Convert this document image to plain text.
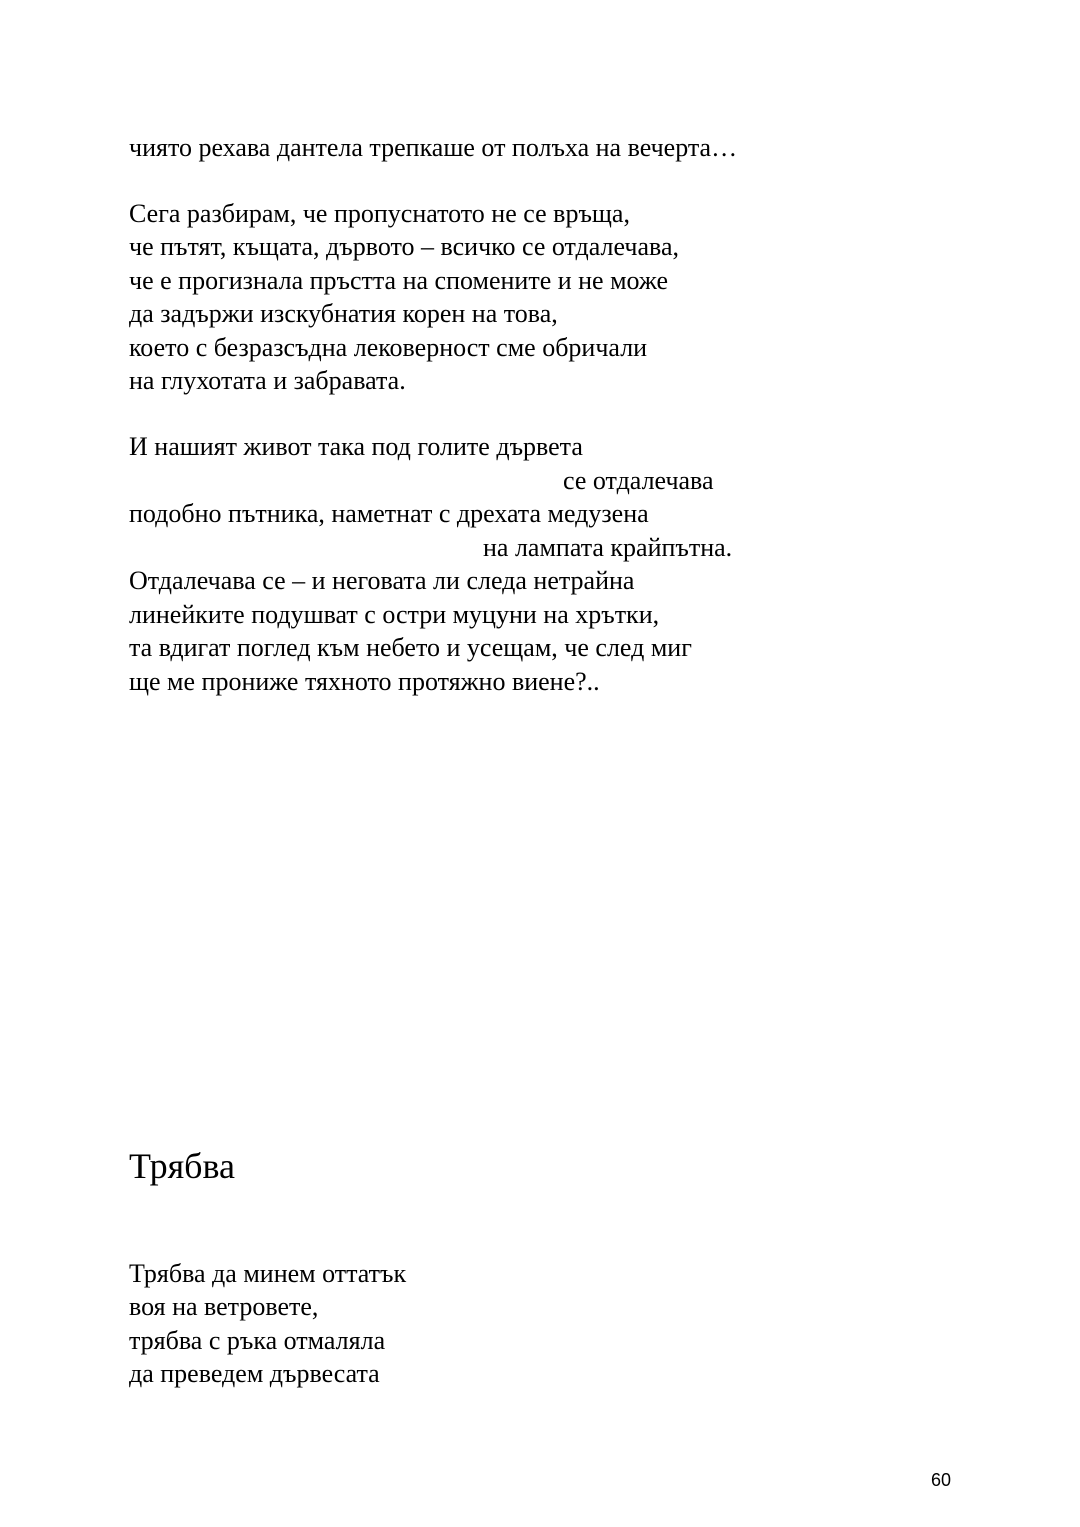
чиято рехава дантела трепкаше от полъха на вечерта…
Сега разбирам, че пропуснатото не се връща,
че пътят, къщата, дървото – всичко се отдалечава,
че е прогизнала пръстта на спомените и не може
да задържи изскубнатия корен на това,
което с безразсъдна лековерност сме обричали
на глухотата и забравата.
И нашият живот така под голите дървета
се отдалечава
подобно пътника, наметнат с дрехата медузена
на лампата крайпътна.
Отдалечава се – и неговата ли следа нетрайна
линейките подушват с остри муцуни на хрътки,
та вдигат поглед към небето и усещам, че след миг
ще ме прониже тяхното протяжно виене?..
Трябва
Трябва да минем оттатък
воя на ветровете,
трябва с ръка отмаляла
да преведем дървесата
60
